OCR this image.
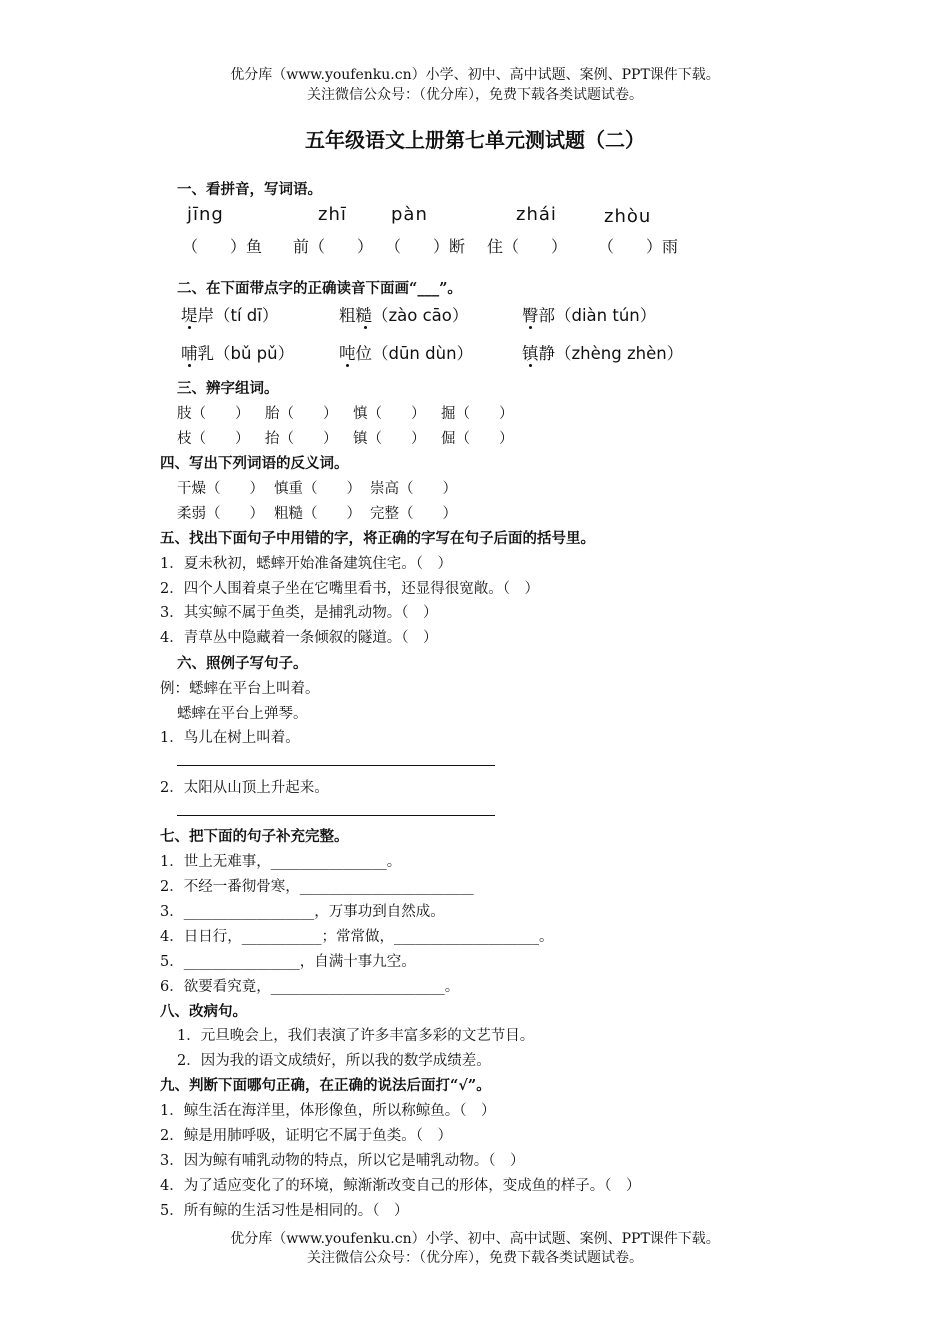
优分库（www.youfenku.cn）小学、初中、高中试题、案例、PPT课件下载。
关注微信公众号：（优分库），免费下载各类试题试卷。
五年级语文上册第七单元测试题（二）
一、看拼音，写词语。
jīng	zhī pàn	zhái	zhòu
（　　）鱼 前（　　） （　　）断 住（　　） （　　）雨
二、在下面带点字的正确读音下面画“___”。
堤岸（tí dī）	粗糙（zào cāo）	臀部（diàn tún）
哺乳（bǔ pǔ）	吨位（dūn dùn）	镇静（zhèng zhèn）
三、辨字组词。
肢（　　） 胎（　　） 慎（　　） 掘（　　）
枝（　　） 抬（　　） 镇（　　） 倔（　　）
四、写出下列词语的反义词。
干燥（　　） 慎重（　　） 崇高（　　）
柔弱（　　） 粗糙（　　） 完整（　　）
五、找出下面句子中用错的字，将正确的字写在句子后面的括号里。
1．夏未秋初，蟋蟀开始准备建筑住宅。（　）
2．四个人围着桌子坐在它嘴里看书，还显得很宽敞。（　）
3．其实鲸不属于鱼类，是捕乳动物。（　）
4．青草丛中隐藏着一条倾叙的隧道。（　）
六、照例子写句子。
例：蟋蟀在平台上叫着。
蟋蟀在平台上弹琴。
1．鸟儿在树上叫着。
2．太阳从山顶上升起来。
七、把下面的句子补充完整。
1．世上无难事，________________。
2．不经一番彻骨寒，________________________
3．__________________，万事功到自然成。
4．日日行，___________；常常做，____________________。
5．________________，自满十事九空。
6．欲要看究竟，________________________。
八、改病句。
1．元旦晚会上，我们表演了许多丰富多彩的文艺节目。
2．因为我的语文成绩好，所以我的数学成绩差。
九、判断下面哪句正确，在正确的说法后面打“√”。
1．鲸生活在海洋里，体形像鱼，所以称鲸鱼。（　）
2．鲸是用肺呼吸，证明它不属于鱼类。（　）
3．因为鲸有哺乳动物的特点，所以它是哺乳动物。（　）
4．为了适应变化了的环境，鲸渐渐改变自己的形体，变成鱼的样子。（　）
5．所有鲸的生活习性是相同的。（　）
优分库（www.youfenku.cn）小学、初中、高中试题、案例、PPT课件下载。
关注微信公众号：（优分库），免费下载各类试题试卷。
